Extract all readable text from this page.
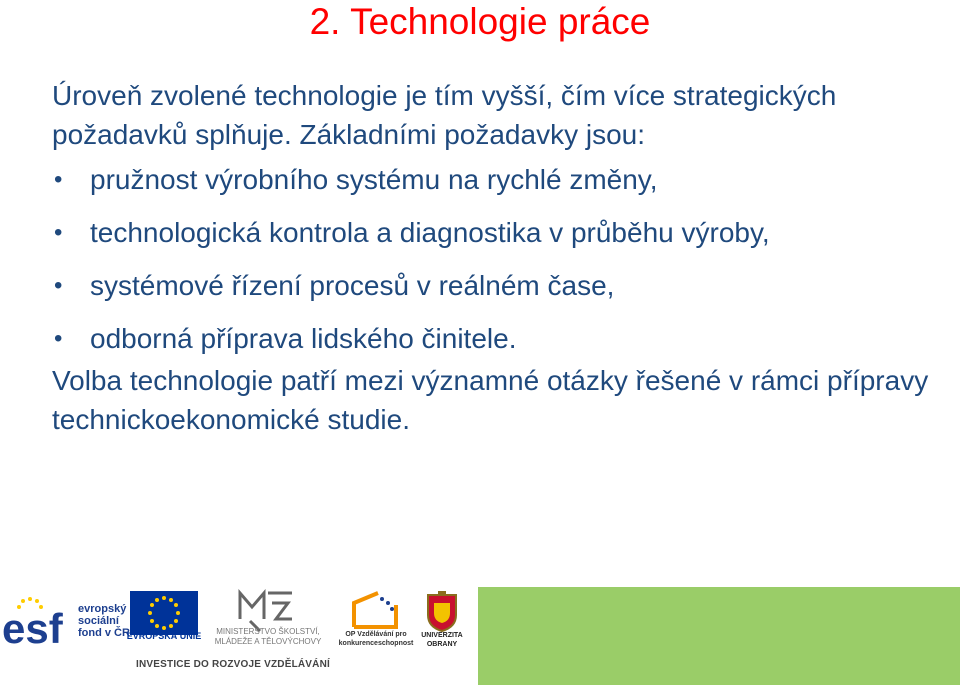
2. Technologie práce

Úroveň zvolené technologie je tím vyšší, čím více strategických požadavků splňuje. Základními požadavky jsou:

• pružnost výrobního systému na rychlé změny,
• technologická kontrola a diagnostika v průběhu výroby,
• systémové řízení procesů v reálném čase,
• odborná příprava lidského činitele.

Volba technologie patří mezi významné otázky řešené v rámci přípravy technickoekonomické studie.

esf evropský
sociální
fond v ČR
EVROPSKÁ UNIE	MINISTERSTVO ŠKOLSTVÍ, MLÁDEŽE A TĚLOVÝCHOVY
OP Vzdělávání pro konkurenceschopnost
UNIVERZITA OBRANY
INVESTICE DO ROZVOJE VZDĚLÁVÁNÍ
